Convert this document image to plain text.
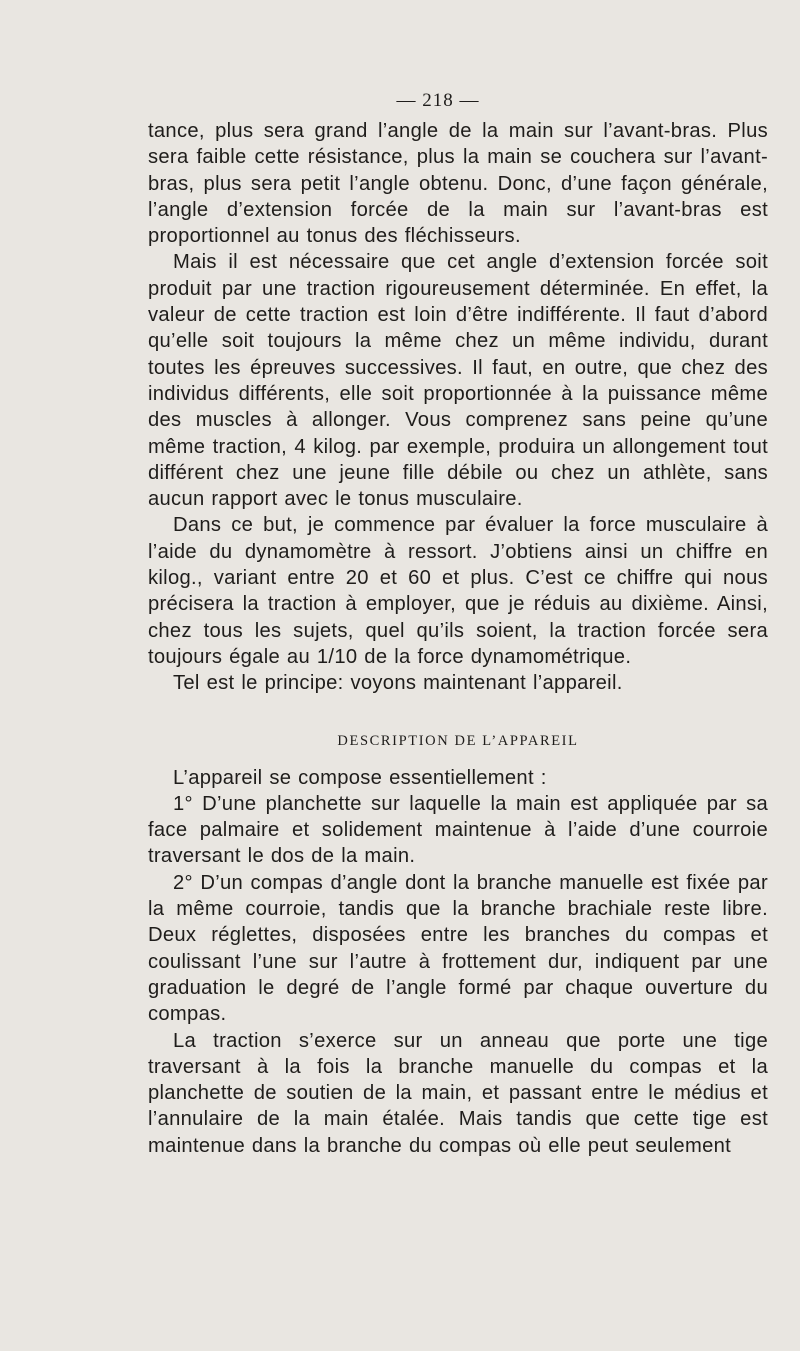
— 218 —

tance, plus sera grand l’angle de la main sur l’avant-bras. Plus sera faible cette résistance, plus la main se couchera sur l’avant-bras, plus sera petit l’angle obtenu. Donc, d’une façon générale, l’angle d’extension forcée de la main sur l’avant-bras est proportionnel au tonus des fléchisseurs.

Mais il est nécessaire que cet angle d’extension forcée soit produit par une traction rigoureusement déterminée. En effet, la valeur de cette traction est loin d’être indifférente. Il faut d’abord qu’elle soit toujours la même chez un même individu, durant toutes les épreuves successives. Il faut, en outre, que chez des individus différents, elle soit proportionnée à la puissance même des muscles à allonger. Vous comprenez sans peine qu’une même traction, 4 kilog. par exemple, produira un allongement tout différent chez une jeune fille débile ou chez un athlète, sans aucun rapport avec le tonus musculaire.

Dans ce but, je commence par évaluer la force musculaire à l’aide du dynamomètre à ressort. J’obtiens ainsi un chiffre en kilog., variant entre 20 et 60 et plus. C’est ce chiffre qui nous précisera la traction à employer, que je réduis au dixième. Ainsi, chez tous les sujets, quel qu’ils soient, la traction forcée sera toujours égale au 1/10 de la force dynamométrique.

Tel est le principe: voyons maintenant l’appareil.

DESCRIPTION DE L’APPAREIL

L’appareil se compose essentiellement :

1° D’une planchette sur laquelle la main est appliquée par sa face palmaire et solidement maintenue à l’aide d’une courroie traversant le dos de la main.

2° D’un compas d’angle dont la branche manuelle est fixée par la même courroie, tandis que la branche brachiale reste libre. Deux réglettes, disposées entre les branches du compas et coulissant l’une sur l’autre à frottement dur, indiquent par une graduation le degré de l’angle formé par chaque ouverture du compas.

La traction s’exerce sur un anneau que porte une tige traversant à la fois la branche manuelle du compas et la planchette de soutien de la main, et passant entre le médius et l’annulaire de la main étalée. Mais tandis que cette tige est maintenue dans la branche du compas où elle peut seulement
